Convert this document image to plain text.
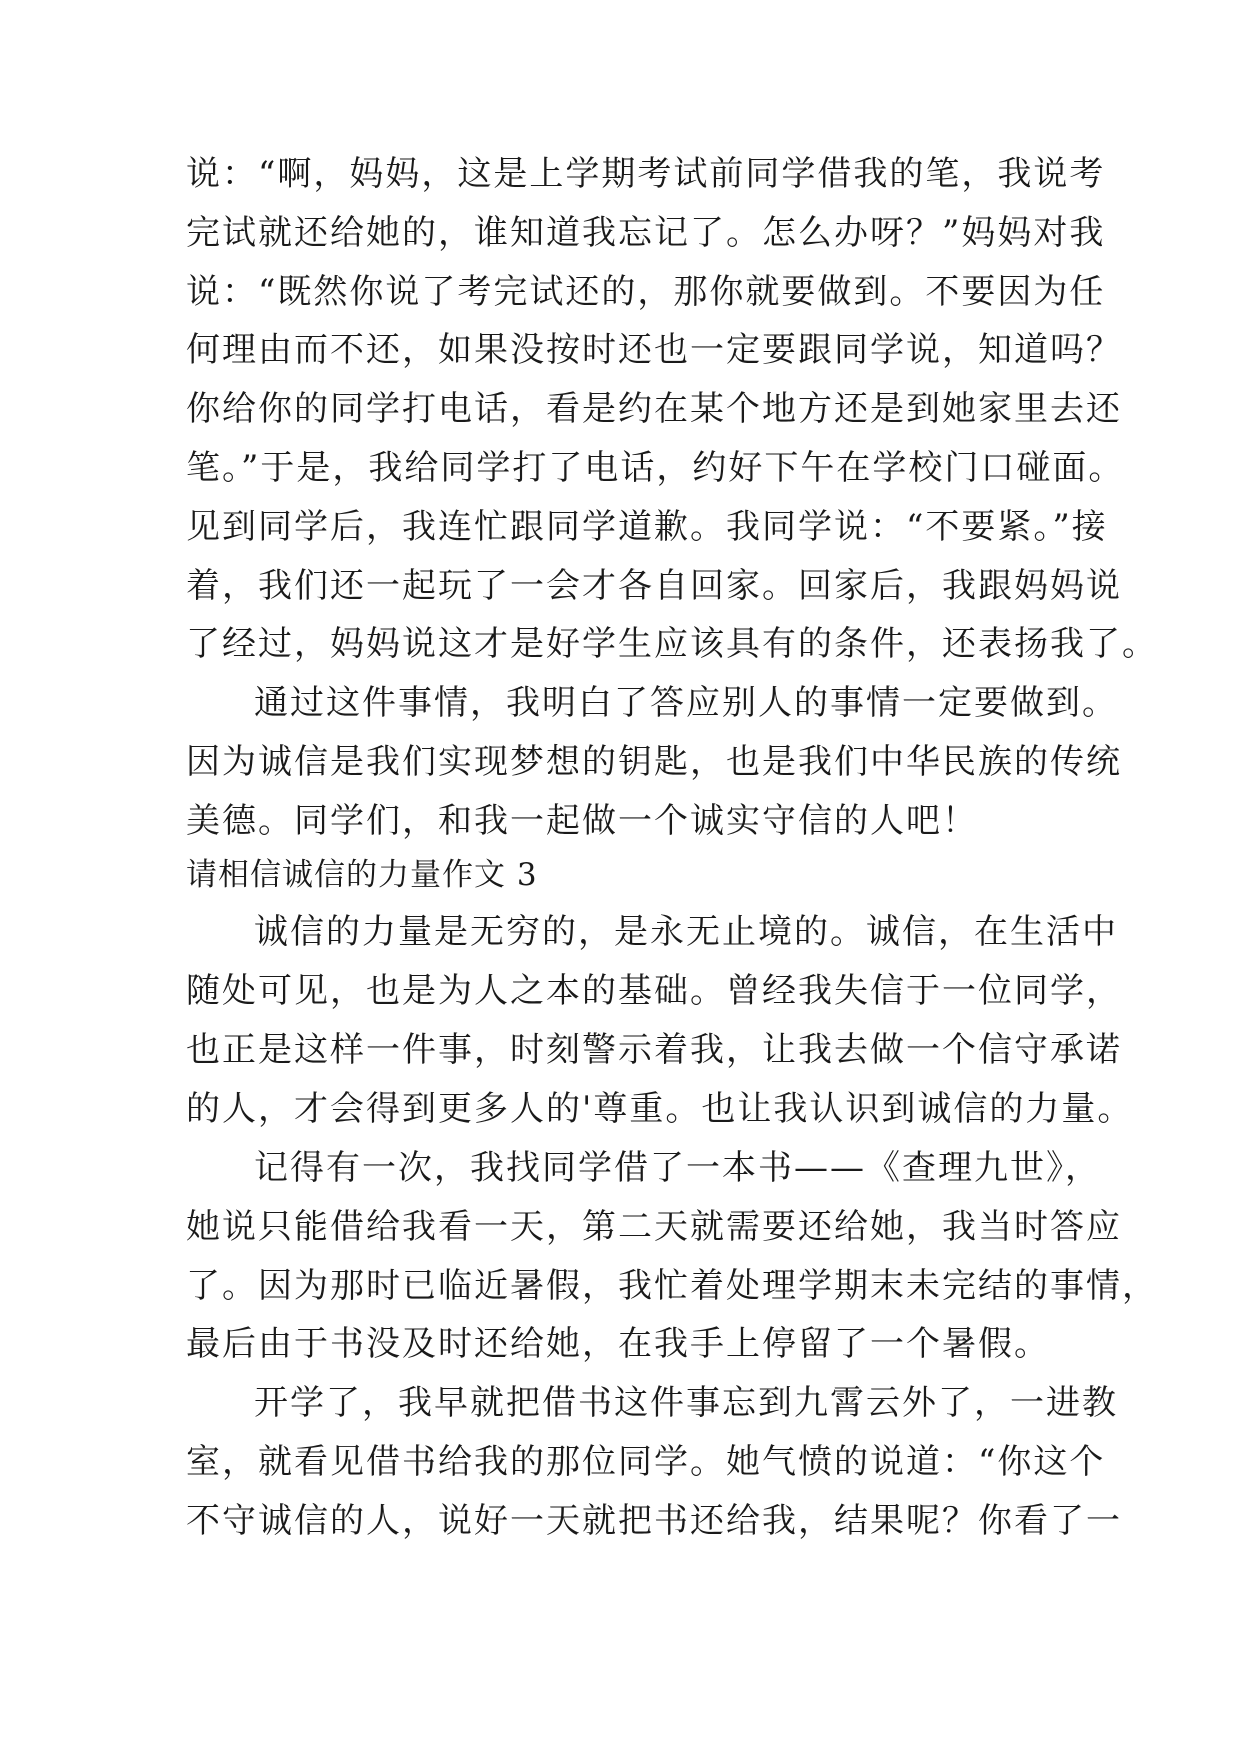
说：“啊，妈妈，这是上学期考试前同学借我的笔，我说考

完试就还给她的，谁知道我忘记了。怎么办呀？”妈妈对我

说：“既然你说了考完试还的，那你就要做到。不要因为任

何理由而不还，如果没按时还也一定要跟同学说，知道吗？

你给你的同学打电话，看是约在某个地方还是到她家里去还

笔。”于是，我给同学打了电话，约好下午在学校门口碰面。

见到同学后，我连忙跟同学道歉。我同学说：“不要紧。”接

着，我们还一起玩了一会才各自回家。回家后，我跟妈妈说

了经过，妈妈说这才是好学生应该具有的条件，还表扬我了。

通过这件事情，我明白了答应别人的事情一定要做到。

因为诚信是我们实现梦想的钥匙，也是我们中华民族的传统

美德。同学们，和我一起做一个诚实守信的人吧！

请相信诚信的力量作文 3

诚信的力量是无穷的，是永无止境的。诚信，在生活中

随处可见，也是为人之本的基础。曾经我失信于一位同学，

也正是这样一件事，时刻警示着我，让我去做一个信守承诺

的人，才会得到更多人的'尊重。也让我认识到诚信的力量。

记得有一次，我找同学借了一本书——《查理九世》，

她说只能借给我看一天，第二天就需要还给她，我当时答应

了。因为那时已临近暑假，我忙着处理学期末未完结的事情，

最后由于书没及时还给她，在我手上停留了一个暑假。

开学了，我早就把借书这件事忘到九霄云外了，一进教

室，就看见借书给我的那位同学。她气愤的说道：“你这个

不守诚信的人，说好一天就把书还给我，结果呢？你看了一
